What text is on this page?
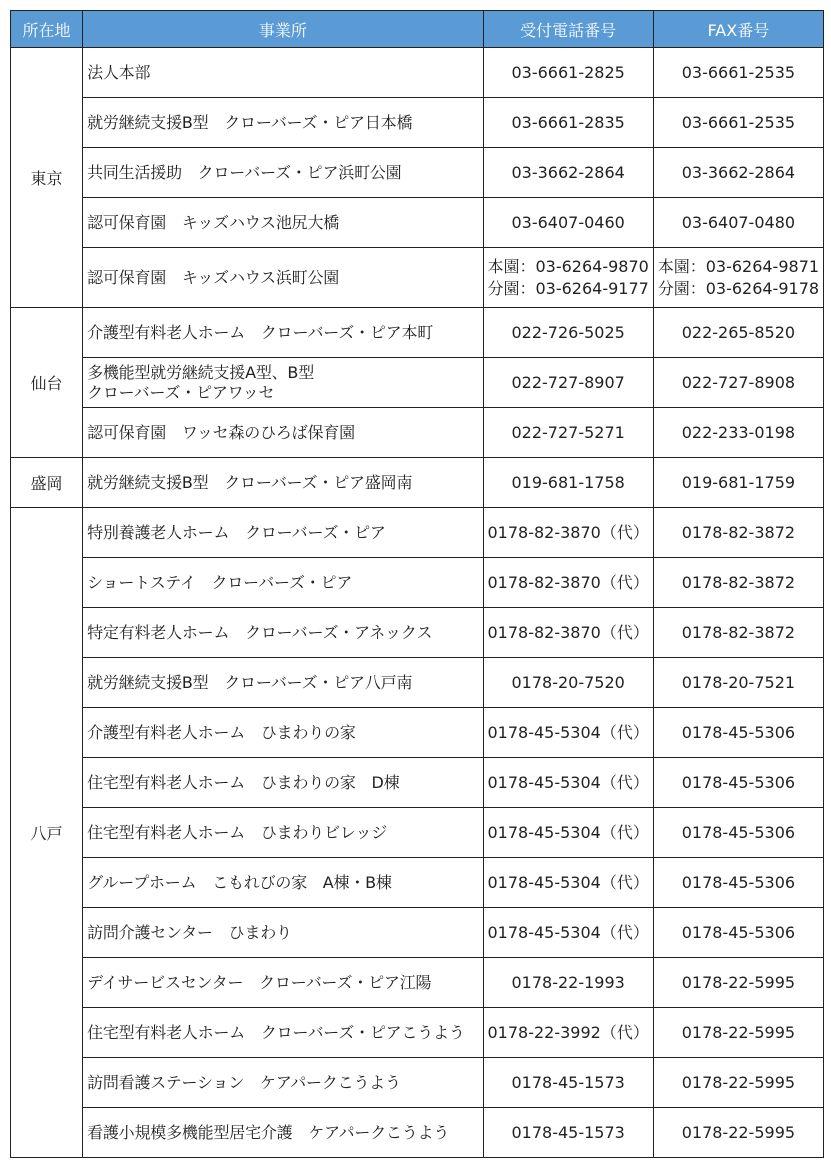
所在地	事業所	受付電話番号	FAX番号
東京	法人本部	03-6661-2825	03-6661-2535

	就労継続支援B型　クローバーズ・ピア日本橋	03-6661-2835	03-6661-2535

	共同生活援助　クローバーズ・ピア浜町公園	03-3662-2864	03-3662-2864

	認可保育園　キッズハウス池尻大橋	03-6407-0460	03-6407-0480

	認可保育園　キッズハウス浜町公園	本園：03-6264-9870
分園：03-6264-9177	本園：03-6264-9871
分園：03-6264-9178

仙台	介護型有料老人ホーム　クローバーズ・ピア本町	022-726-5025	022-265-8520

	多機能型就労継続支援A型、B型
クローバーズ・ピアワッセ	022-727-8907	022-727-8908

	認可保育園　ワッセ森のひろば保育園	022-727-5271	022-233-0198

盛岡	就労継続支援B型　クローバーズ・ピア盛岡南	019-681-1758	019-681-1759

八戸	特別養護老人ホーム　クローバーズ・ピア	0178-82-3870（代）	0178-82-3872

	ショートステイ　クローバーズ・ピア	0178-82-3870（代）	0178-82-3872

	特定有料老人ホーム　クローバーズ・アネックス	0178-82-3870（代）	0178-82-3872

	就労継続支援B型　クローバーズ・ピア八戸南	0178-20-7520	0178-20-7521

	介護型有料老人ホーム　ひまわりの家	0178-45-5304（代）	0178-45-5306

	住宅型有料老人ホーム　ひまわりの家　D棟	0178-45-5304（代）	0178-45-5306

	住宅型有料老人ホーム　ひまわりビレッジ	0178-45-5304（代）	0178-45-5306

	グループホーム　こもれびの家　A棟・B棟	0178-45-5304（代）	0178-45-5306

	訪問介護センター　ひまわり	0178-45-5304（代）	0178-45-5306

	デイサービスセンター　クローバーズ・ピア江陽	0178-22-1993	0178-22-5995

	住宅型有料老人ホーム　クローバーズ・ピアこうよう	0178-22-3992（代）	0178-22-5995

	訪問看護ステーション　ケアパークこうよう	0178-45-1573	0178-22-5995

	看護小規模多機能型居宅介護　ケアパークこうよう	0178-45-1573	0178-22-5995
